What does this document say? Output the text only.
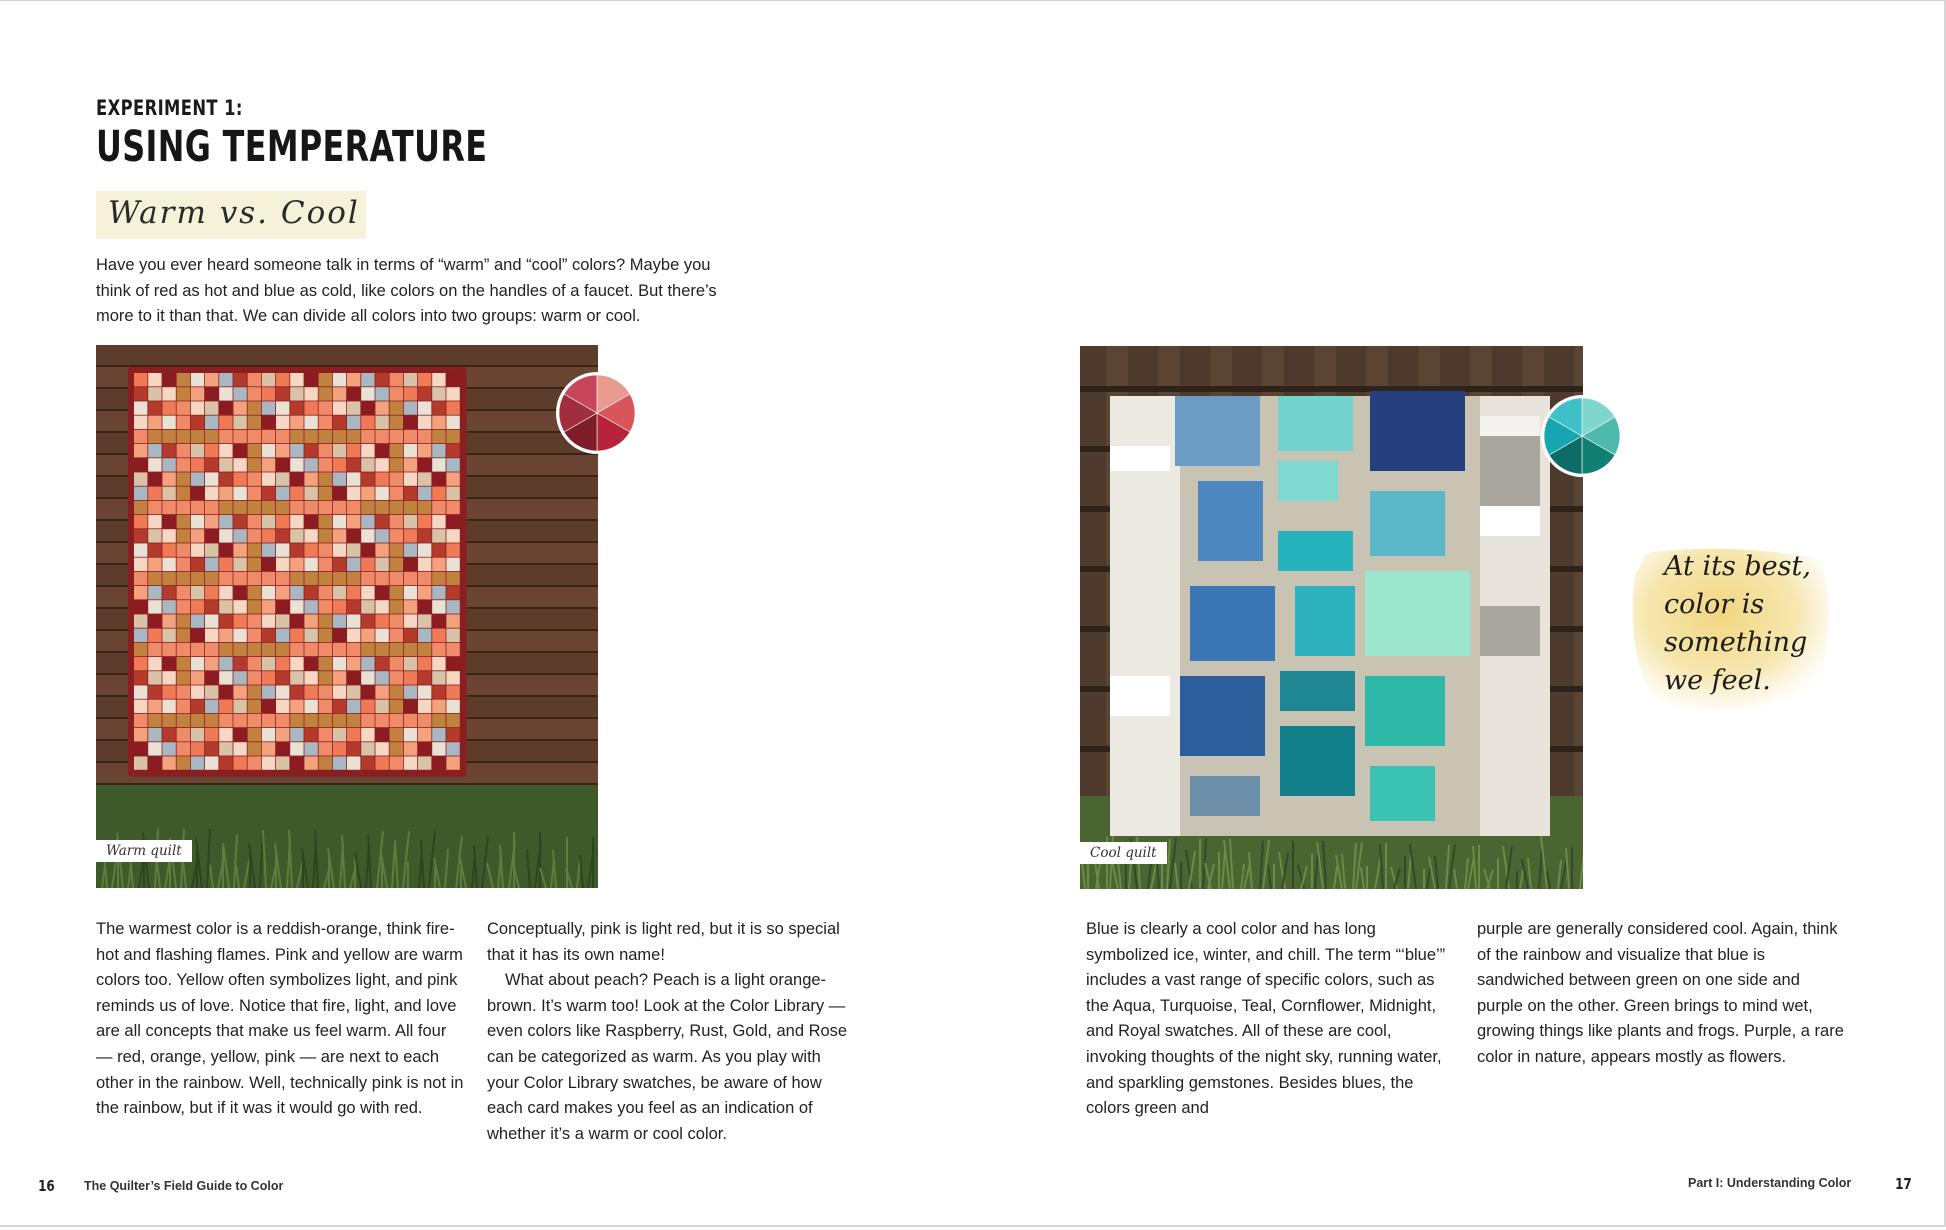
EXPERIMENT 1:
USING TEMPERATURE
Warm vs. Cool
Have you ever heard someone talk in terms of “warm” and “cool” colors? Maybe you think of red as hot and blue as cold, like colors on the handles of a faucet. But there’s more to it than that. We can divide all colors into two groups: warm or cool.
Warm quilt

The warmest color is a reddish-orange, think fire-hot and flashing flames. Pink and yellow are warm colors too. Yellow often symbolizes light, and pink reminds us of love. Notice that fire, light, and love are all concepts that make us feel warm. All four — red, orange, yellow, pink — are next to each other in the rainbow. Well, technically pink is not in the rainbow, but if it was it would go with red.

Conceptually, pink is light red, but it is so special that it has its own name!

What about peach? Peach is a light orange-brown. It’s warm too! Look at the Color Library — even colors like Raspberry, Rust, Gold, and Rose can be categorized as warm. As you play with your Color Library swatches, be aware of how each card makes you feel as an indication of whether it’s a warm or cool color.

16 The Quilter’s Field Guide to Color
Cool quilt
At its best, color is something we feel.

Blue is clearly a cool color and has long symbolized ice, winter, and chill. The term “‘blue’” includes a vast range of specific colors, such as the Aqua, Turquoise, Teal, Cornflower, Midnight, and Royal swatches. All of these are cool, invoking thoughts of the night sky, running water, and sparkling gemstones. Besides blues, the colors green and

purple are generally considered cool. Again, think of the rainbow and visualize that blue is sandwiched between green on one side and purple on the other. Green brings to mind wet, growing things like plants and frogs. Purple, a rare color in nature, appears mostly as flowers.

Part I: Understanding Color	17
